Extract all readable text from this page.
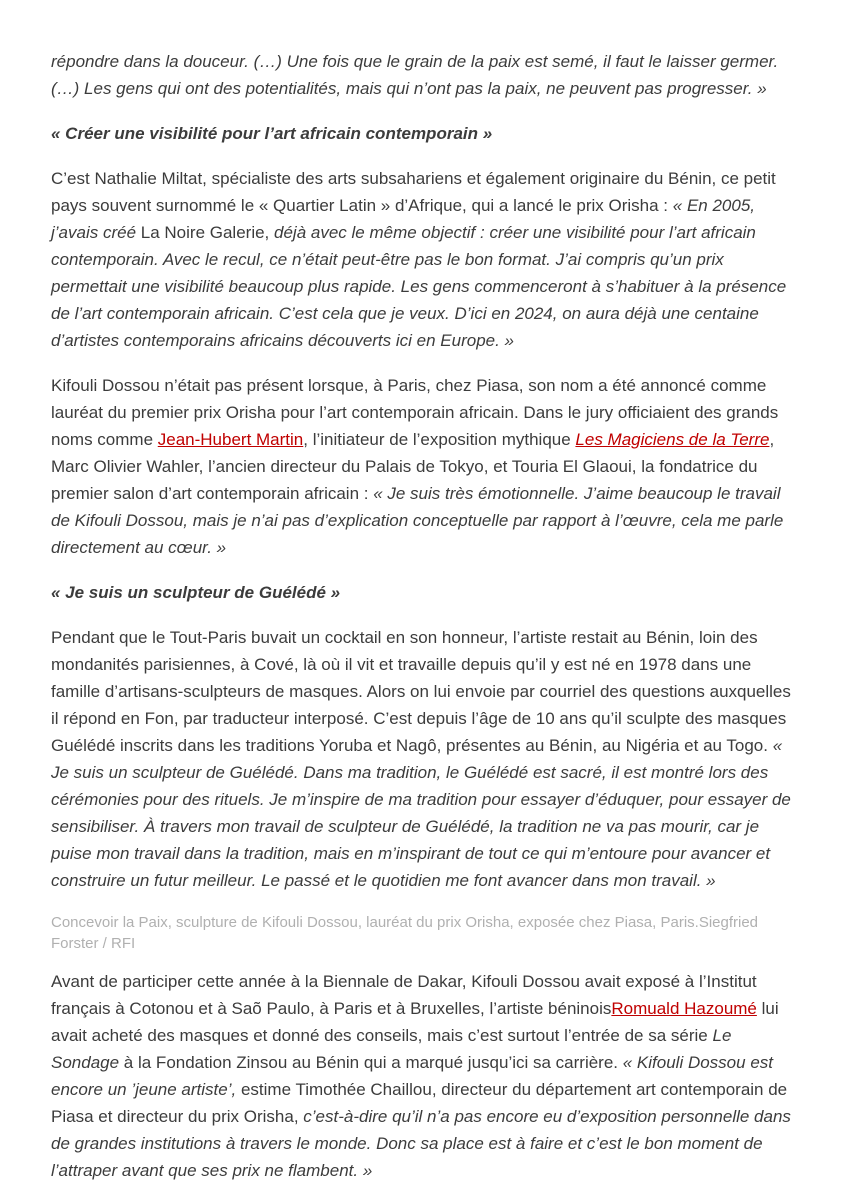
répondre dans la douceur. (…) Une fois que le grain de la paix est semé, il faut le laisser germer. (…) Les gens qui ont des potentialités, mais qui n’ont pas la paix, ne peuvent pas progresser. »

« Créer une visibilité pour l’art africain contemporain »

C’est Nathalie Miltat, spécialiste des arts subsahariens et également originaire du Bénin, ce petit pays souvent surnommé le « Quartier Latin » d’Afrique, qui a lancé le prix Orisha : « En 2005, j’avais créé La Noire Galerie, déjà avec le même objectif : créer une visibilité pour l’art africain contemporain. Avec le recul, ce n’était peut-être pas le bon format. J’ai compris qu’un prix permettait une visibilité beaucoup plus rapide. Les gens commenceront à s’habituer à la présence de l’art contemporain africain. C’est cela que je veux. D’ici en 2024, on aura déjà une centaine d’artistes contemporains africains découverts ici en Europe. »

Kifouli Dossou n’était pas présent lorsque, à Paris, chez Piasa, son nom a été annoncé comme lauréat du premier prix Orisha pour l’art contemporain africain. Dans le jury officiaient des grands noms comme Jean-Hubert Martin, l’initiateur de l’exposition mythique Les Magiciens de la Terre, Marc Olivier Wahler, l’ancien directeur du Palais de Tokyo, et Touria El Glaoui, la fondatrice du premier salon d’art contemporain africain : « Je suis très émotionnelle. J’aime beaucoup le travail de Kifouli Dossou, mais je n’ai pas d’explication conceptuelle par rapport à l’œuvre, cela me parle directement au cœur. »

« Je suis un sculpteur de Guélédé »

Pendant que le Tout-Paris buvait un cocktail en son honneur, l’artiste restait au Bénin, loin des mondanités parisiennes, à Cové, là où il vit et travaille depuis qu’il y est né en 1978 dans une famille d’artisans-sculpteurs de masques. Alors on lui envoie par courriel des questions auxquelles il répond en Fon, par traducteur interposé. C’est depuis l’âge de 10 ans qu’il sculpte des masques Guélédé inscrits dans les traditions Yoruba et Nagô, présentes au Bénin, au Nigéria et au Togo. « Je suis un sculpteur de Guélédé. Dans ma tradition, le Guélédé est sacré, il est montré lors des cérémonies pour des rituels. Je m’inspire de ma tradition pour essayer d’éduquer, pour essayer de sensibiliser. À travers mon travail de sculpteur de Guélédé, la tradition ne va pas mourir, car je puise mon travail dans la tradition, mais en m’inspirant de tout ce qui m’entoure pour avancer et construire un futur meilleur. Le passé et le quotidien me font avancer dans mon travail. »

Concevoir la Paix, sculpture de Kifouli Dossou, lauréat du prix Orisha, exposée chez Piasa, Paris.Siegfried Forster / RFI

Avant de participer cette année à la Biennale de Dakar, Kifouli Dossou avait exposé à l’Institut français à Cotonou et à Saõ Paulo, à Paris et à Bruxelles, l’artiste béninoisRomuald Hazoumé lui avait acheté des masques et donné des conseils, mais c’est surtout l’entrée de sa série Le Sondage à la Fondation Zinsou au Bénin qui a marqué jusqu’ici sa carrière. « Kifouli Dossou est encore un ’jeune artiste’, estime Timothée Chaillou, directeur du département art contemporain de Piasa et directeur du prix Orisha, c’est-à-dire qu’il n’a pas encore eu d’exposition personnelle dans de grandes institutions à travers le monde. Donc sa place est à faire et c’est le bon moment de l’attraper avant que ses prix ne flambent. »
